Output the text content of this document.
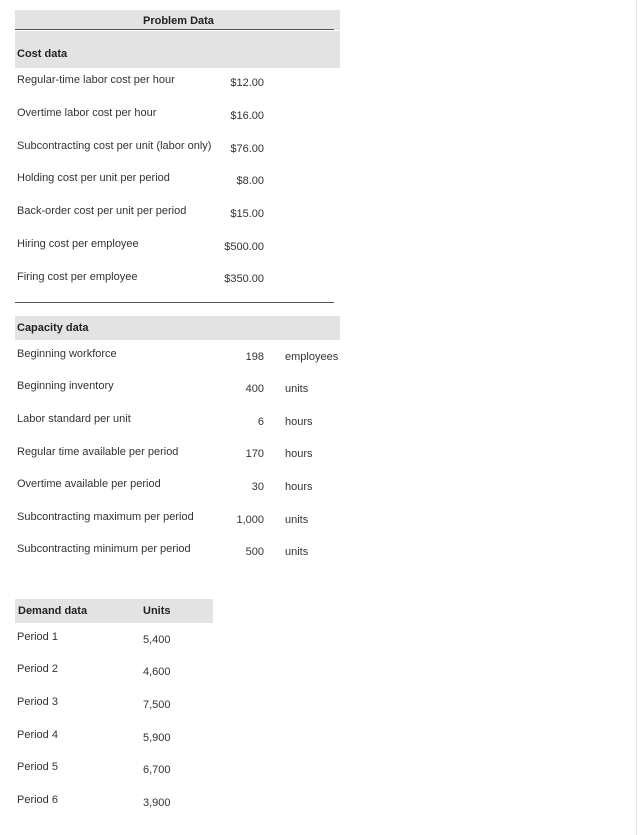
Problem Data
Cost data
Regular-time labor cost per hour	$12.00
Overtime labor cost per hour	$16.00
Subcontracting cost per unit (labor only) $76.00
Holding cost per unit per period	$8.00
Back-order cost per unit per period	$15.00
Hiring cost per employee	$500.00
Firing cost per employee	$350.00
Capacity data
Beginning workforce	198 employees
Beginning inventory	400 units
Labor standard per unit	6 hours
Regular time available per period	170 hours
Overtime available per period	30 hours
Subcontracting maximum per period	1,000 units
Subcontracting minimum per period	500 units
Demand data	Units
Period 1	5,400
Period 2	4,600
Period 3	7,500
Period 4	5,900
Period 5	6,700
Period 6	3,900
